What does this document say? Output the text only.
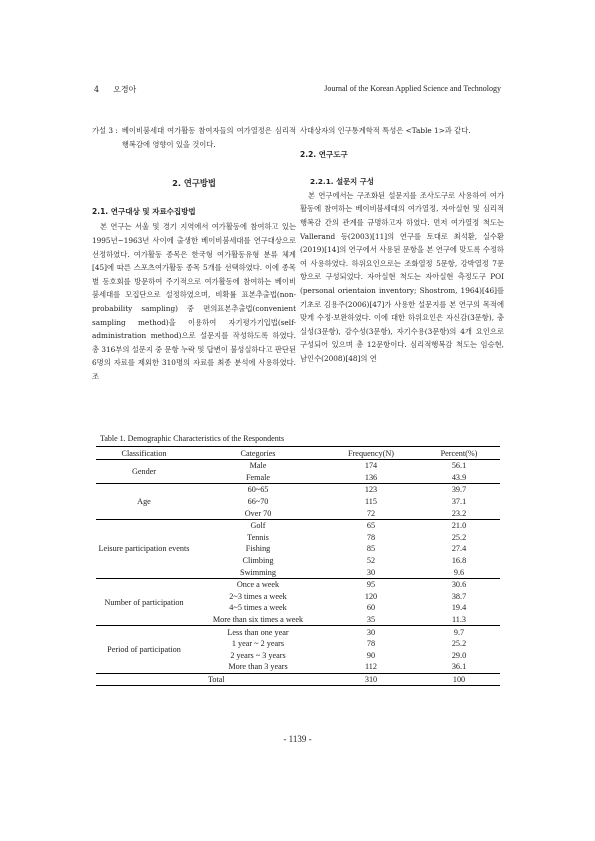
4 오경아	Journal of the Korean Applied Science and Technology
가설 3 : 베이비붐세대 여가활동 참여자들의 여가열정은 심리적행복감에 영향이 있을 것이다.
2. 연구방법
2.1. 연구대상 및 자료수집방법

본 연구는 서울 및 경기 지역에서 여가활동에 참여하고 있는 1995년~1963년 사이에 출생한 베이비붐세대를 연구대상으로 선정하였다. 여가활동 종목은 한국형 여가활동유형 분류 체계[45]에 따른 스포츠여가활동 종목 5개를 선택하였다. 이에 종목별 동호회를 방문하여 주기적으로 여가활동에 참여하는 베이비붐세대를 모집단으로 설정하였으며, 비확률 표본추출법(non-probability sampling) 중 편의표본추출법(convenient sampling method)을 이용하여 자기평가기입법(self-administration method)으로 설문지를 작성하도록 하였다. 총 316부의 설문지 중 문항 누락 및 답변이 불성실하다고 판단된 6명의 자료를 제외한 310명의 자료를 최종 분석에 사용하였다. 조

사대상자의 인구통계학적 특성은 <Table 1>과 같다.

2.2. 연구도구
2.2.1. 설문지 구성

본 연구에서는 구조화된 설문지를 조사도구로 사용하여 여가활동에 참여하는 베이비붐세대의 여가열정, 자아실현 및 심리적행복감 간의 관계를 규명하고자 하였다. 먼저 여가열정 척도는 Vallerand 등(2003)[11]의 연구를 토대로 최석환, 실수환(2019)[14]의 연구에서 사용된 문항을 본 연구에 맞도록 수정하여 사용하였다. 하위요인으로는 조화열정 5문항, 강박열정 7문항으로 구성되었다. 자아실현 척도는 자아실현 측정도구 POI (personal orientaion inventory; Shostrom, 1964)[46]를 기초로 김용주(2006)[47]가 사용한 설문지를 본 연구의 목적에 맞게 수정·보완하였다. 이에 대한 하위요인은 자신감(3문항), 충실성(3문항), 감수성(3문항), 자기수용(3문항)의 4개 요인으로 구성되어 있으며 총 12문항이다. 심리적행복감 척도는 임승현, 남인수(2008)[48]의 연

Table 1. Demographic Characteristics of the Respondents
Classification	Categories	Frequency(N)	Percent(%)
Gender	Male	174	56.1
	Female	136	43.9
Age	60~65	123	39.7
	66~70	115	37.1
	Over 70	72	23.2
Leisure participation events	Golf	65	21.0
	Tennis	78	25.2
	Fishing	85	27.4
	Climbing	52	16.8
	Swimming	30	9.6
Number of participation	Once a week	95	30.6
	2~3 times a week	120	38.7
	4~5 times a week	60	19.4
	More than six times a week	35	11.3
Period of participation	Less than one year	30	9.7
	1 year ~ 2 years	78	25.2
	2 years ~ 3 years	90	29.0
	More than 3 years	112	36.1
Total		310	100
- 1139 -
